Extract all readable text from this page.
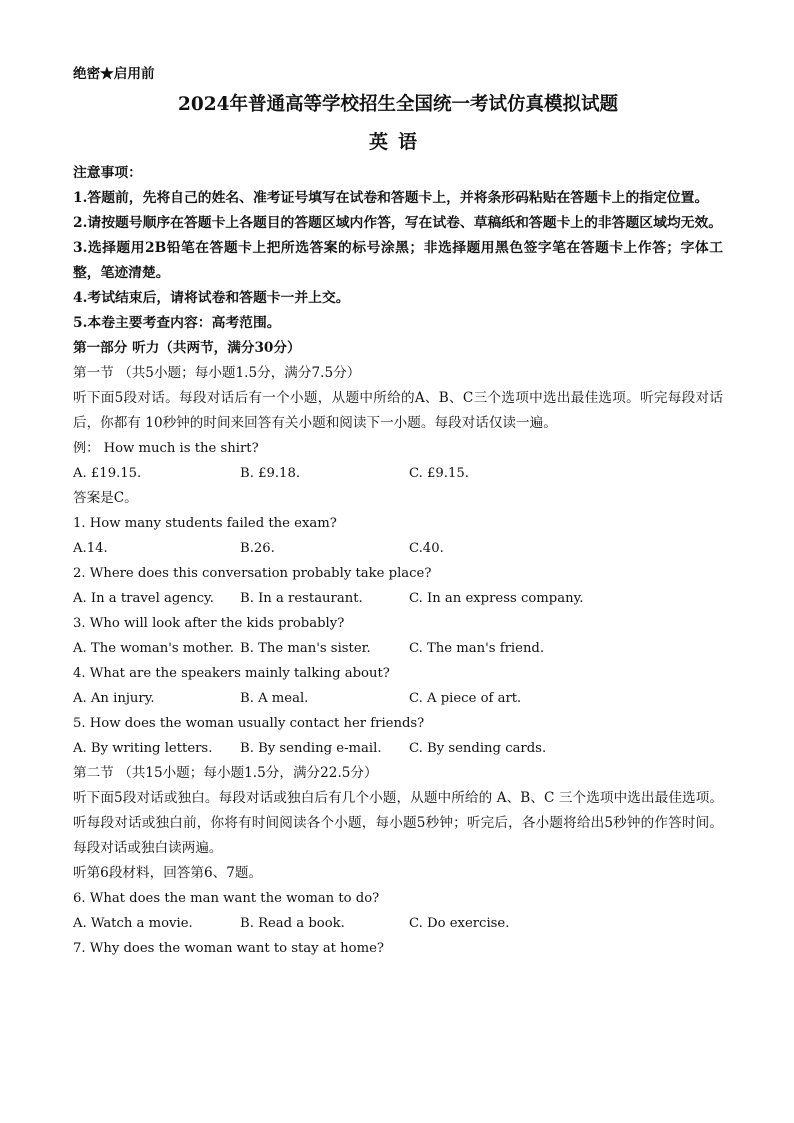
绝密★启用前
2024年普通高等学校招生全国统一考试仿真模拟试题
英语
注意事项：
1.答题前，先将自己的姓名、准考证号填写在试卷和答题卡上，并将条形码粘贴在答题卡上的指定位置。
2.请按题号顺序在答题卡上各题目的答题区域内作答，写在试卷、草稿纸和答题卡上的非答题区域均无效。
3.选择题用2B铅笔在答题卡上把所选答案的标号涂黑；非选择题用黑色签字笔在答题卡上作答；字体工整，笔迹清楚。
4.考试结束后，请将试卷和答题卡一并上交。
5.本卷主要考查内容：高考范围。
第一部分 听力（共两节，满分30分）
第一节 （共5小题；每小题1.5分，满分7.5分）
听下面5段对话。每段对话后有一个小题，从题中所给的A、B、C三个选项中选出最佳选项。听完每段对话后，你都有 10秒钟的时间来回答有关小题和阅读下一小题。每段对话仅读一遍。
例： How much is the shirt?
A. £19.15.	B. £9.18.	C. £9.15.
答案是C。
1. How many students failed the exam?
A.14.	B.26.	C.40.
2. Where does this conversation probably take place?
A. In a travel agency.	B. In a restaurant.	C. In an express company.
3. Who will look after the kids probably?
A. The woman's mother. B. The man's sister.	C. The man's friend.
4. What are the speakers mainly talking about?
A. An injury.	B. A meal.	C. A piece of art.
5. How does the woman usually contact her friends?
A. By writing letters.	B. By sending e-mail.	C. By sending cards.
第二节 （共15小题；每小题1.5分，满分22.5分）
听下面5段对话或独白。每段对话或独白后有几个小题，从题中所给的 A、B、C 三个选项中选出最佳选项。听每段对话或独白前，你将有时间阅读各个小题，每小题5秒钟；听完后，各小题将给出5秒钟的作答时间。每段对话或独白读两遍。
听第6段材料，回答第6、7题。
6. What does the man want the woman to do?
A. Watch a movie.	B. Read a book.	C. Do exercise.
7. Why does the woman want to stay at home?
